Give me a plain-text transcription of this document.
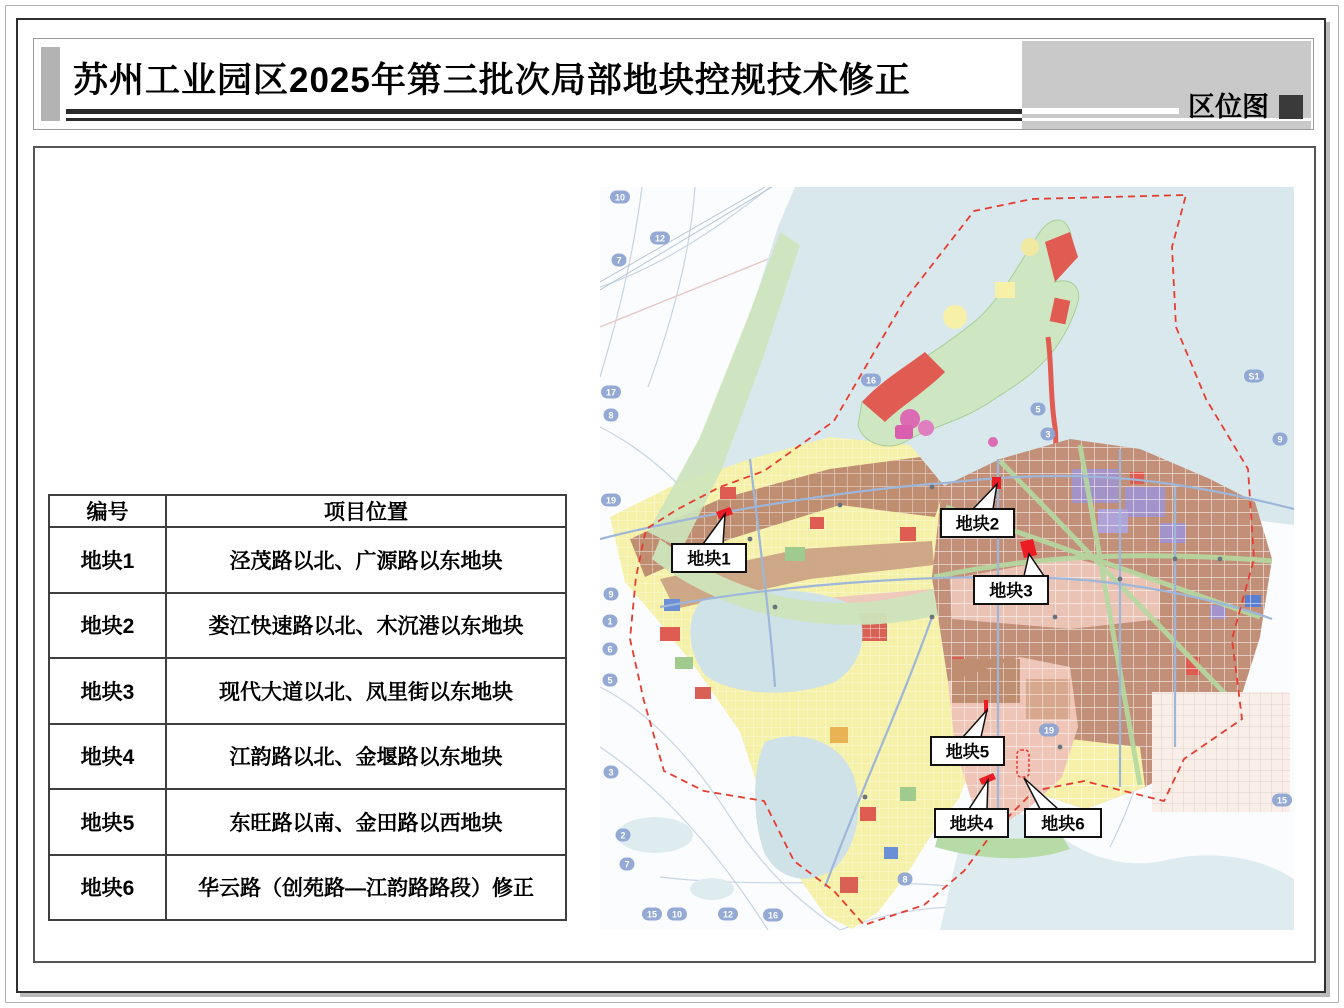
苏州工业园区2025年第三批次局部地块控规技术修正
区位图
编号	项目位置
地块1	泾茂路以北、广源路以东地块
地块2	娄江快速路以北、木沉港以东地块
地块3	现代大道以北、凤里街以东地块
地块4	江韵路以北、金堰路以东地块
地块5	东旺路以南、金田路以西地块
地块6	华云路（创苑路—江韵路路段）修正
10
12
7
17
8
19
9
1
6
5
3
2
7
15 10	12	16
8
16
5
3
19
S1
9
15
地块1
地块2
地块3
地块5
地块4	地块6
